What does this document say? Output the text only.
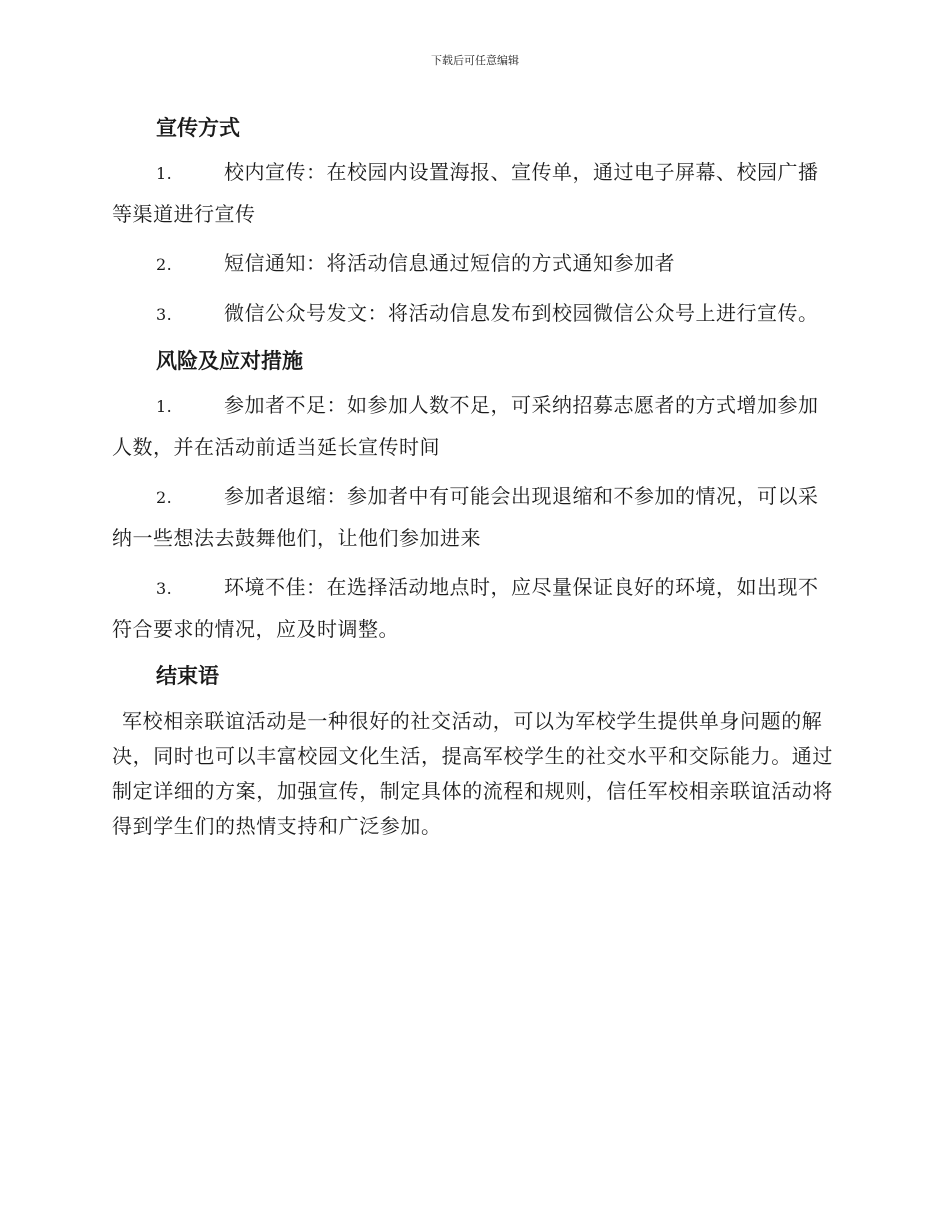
下载后可任意编辑
宣传方式
1.	校内宣传：在校园内设置海报、宣传单，通过电子屏幕、校园广播等渠道进行宣传
2.	短信通知：将活动信息通过短信的方式通知参加者
3.	微信公众号发文：将活动信息发布到校园微信公众号上进行宣传。
风险及应对措施
1.	参加者不足：如参加人数不足，可采纳招募志愿者的方式增加参加人数，并在活动前适当延长宣传时间
2.	参加者退缩：参加者中有可能会出现退缩和不参加的情况，可以采纳一些想法去鼓舞他们，让他们参加进来
3.	环境不佳：在选择活动地点时，应尽量保证良好的环境，如出现不符合要求的情况，应及时调整。
结束语
军校相亲联谊活动是一种很好的社交活动，可以为军校学生提供单身问题的解决，同时也可以丰富校园文化生活，提高军校学生的社交水平和交际能力。通过制定详细的方案，加强宣传，制定具体的流程和规则，信任军校相亲联谊活动将得到学生们的热情支持和广泛参加。
